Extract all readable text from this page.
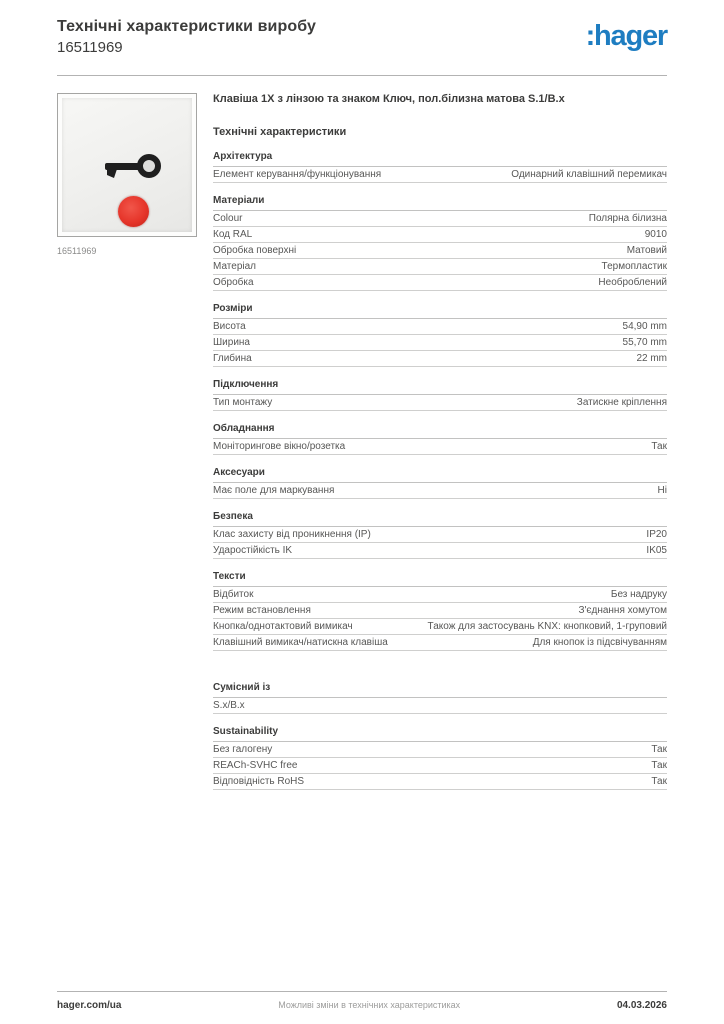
Технічні характеристики виробу
16511969	:hager
16511969
Клавіша 1X з лінзою та знаком Ключ, пол.білизна матова S.1/B.x
Технічні характеристики
Архітектура
Елемент керування/функціонування	Одинарний клавішний перемикач
Матеріали
Colour	Полярна білизна
Код RAL	9010
Обробка поверхні	Матовий
Матеріал	Термопластик
Обробка	Необроблений
Розміри
Висота	54,90 mm
Ширина	55,70 mm
Глибина	22 mm
Підключення
Тип монтажу	Затискне кріплення
Обладнання
Моніторингове вікно/розетка	Так
Аксесуари
Має поле для маркування	Ні
Безпека
Клас захисту від проникнення (IP)	IP20
Ударостійкість IK	IK05
Тексти
Відбиток	Без надруку
Режим встановлення	З'єднання хомутом
Кнопка/однотактовий вимикач	Також для застосувань KNX: кнопковий, 1-груповий
Клавішний вимикач/натискна клавіша	Для кнопок із підсвічуванням
Сумісний із
S.x/B.x
Sustainability
Без галогену	Так
REACh-SVHC free	Так
Відповідність RoHS	Так
hager.com/ua	Можливі зміни в технічних характеристиках	04.03.2026
